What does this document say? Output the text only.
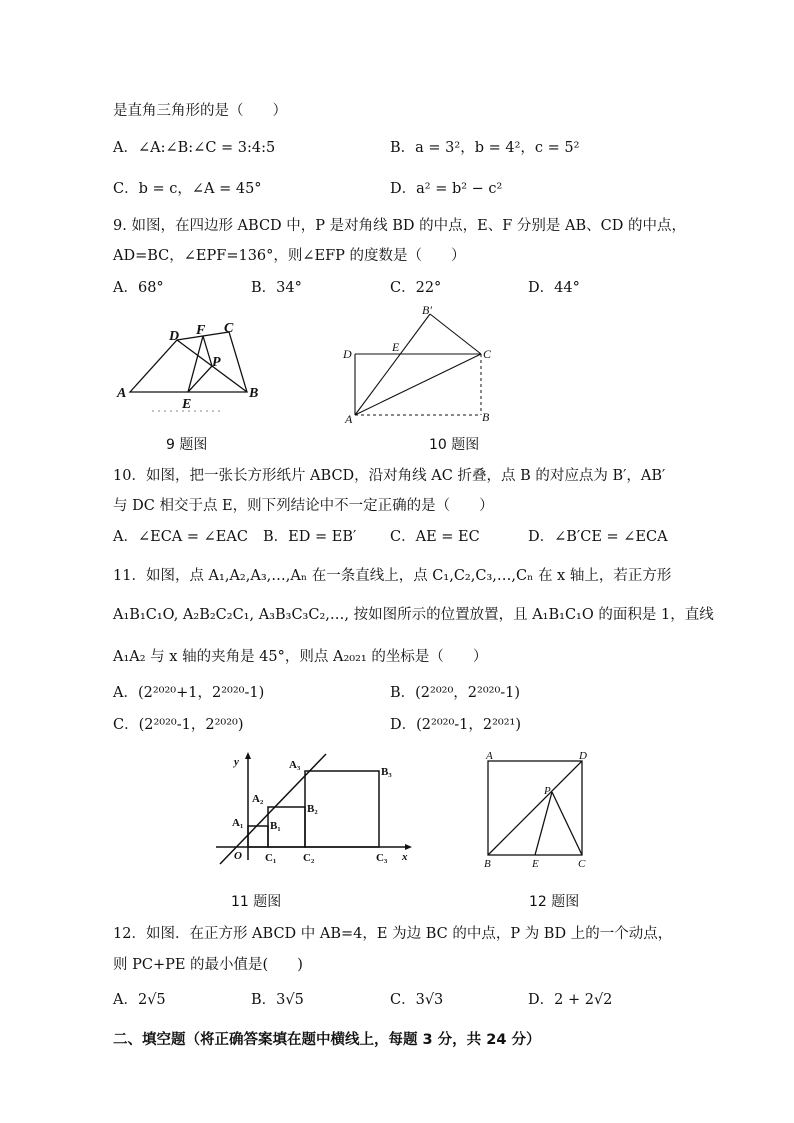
是直角三角形的是（　　）
A．∠A:∠B:∠C = 3:4:5	B．a = 3²，b = 4²，c = 5²
C．b = c，∠A = 45°	D．a² = b² − c²
9. 如图，在四边形 ABCD 中，P 是对角线 BD 的中点，E、F 分别是 AB、CD 的中点，
AD=BC，∠EPF=136°，则∠EFP 的度数是（　　）
A．68°	B．34°	C．22°	D．44°
A
D F C
P
B
E
9 题图
B′
D	E	C
A	B
10 题图
10．如图，把一张长方形纸片 ABCD，沿对角线 AC 折叠，点 B 的对应点为 B′，AB′
与 DC 相交于点 E，则下列结论中不一定正确的是（　　）
A．∠ECA = ∠EAC B．ED = EB′ C．AE = EC	D．∠B′CE = ∠ECA
11．如图，点 A₁,A₂,A₃,…,Aₙ 在一条直线上，点 C₁,C₂,C₃,…,Cₙ 在 x 轴上，若正方形
A₁B₁C₁O, A₂B₂C₂C₁, A₃B₃C₃C₂,…, 按如图所示的位置放置，且 A₁B₁C₁O 的面积是 1，直线
A₁A₂ 与 x 轴的夹角是 45°，则点 A₂₀₂₁ 的坐标是（　　）
A．(2²⁰²⁰+1，2²⁰²⁰-1)	B．(2²⁰²⁰，2²⁰²⁰-1)
C．(2²⁰²⁰-1，2²⁰²⁰)	D．(2²⁰²⁰-1，2²⁰²¹)
y
x
O
A₁
A₂
A₃
B₁
B₂
B₃
C₁ C₂	C₃
11 题图
A	D
P
B	E	C
12 题图
12．如图．在正方形 ABCD 中 AB=4，E 为边 BC 的中点，P 为 BD 上的一个动点，
则 PC+PE 的最小值是(　　)
A．2√5	B．3√5	C．3√3	D．2 + 2√2
二、填空题（将正确答案填在题中横线上，每题 3 分，共 24 分）
